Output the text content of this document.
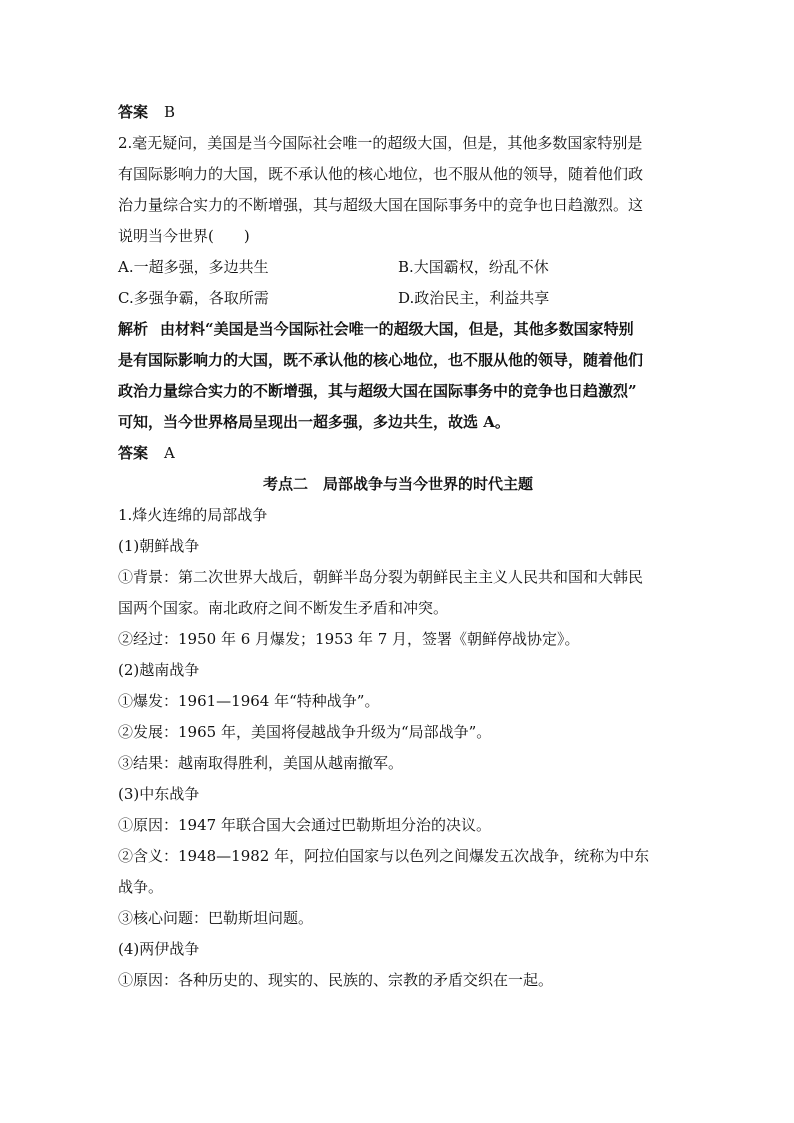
答案 B
2.毫无疑问，美国是当今国际社会唯一的超级大国，但是，其他多数国家特别是
有国际影响力的大国，既不承认他的核心地位，也不服从他的领导，随着他们政
治力量综合实力的不断增强，其与超级大国在国际事务中的竞争也日趋激烈。这
说明当今世界(　　)
A.一超多强，多边共生	B.大国霸权，纷乱不休
C.多强争霸，各取所需	D.政治民主，利益共享
解析 由材料“美国是当今国际社会唯一的超级大国，但是，其他多数国家特别
是有国际影响力的大国，既不承认他的核心地位，也不服从他的领导，随着他们
政治力量综合实力的不断增强，其与超级大国在国际事务中的竞争也日趋激烈”
可知，当今世界格局呈现出一超多强，多边共生，故选 A。
答案 A
考点二　局部战争与当今世界的时代主题
1.烽火连绵的局部战争
(1)朝鲜战争
①背景：第二次世界大战后，朝鲜半岛分裂为朝鲜民主主义人民共和国和大韩民
国两个国家。南北政府之间不断发生矛盾和冲突。
②经过：1950 年 6 月爆发；1953 年 7 月，签署《朝鲜停战协定》。
(2)越南战争
①爆发：1961—1964 年“特种战争”。
②发展：1965 年，美国将侵越战争升级为“局部战争”。
③结果：越南取得胜利，美国从越南撤军。
(3)中东战争
①原因：1947 年联合国大会通过巴勒斯坦分治的决议。
②含义：1948—1982 年，阿拉伯国家与以色列之间爆发五次战争，统称为中东
战争。
③核心问题：巴勒斯坦问题。
(4)两伊战争
①原因：各种历史的、现实的、民族的、宗教的矛盾交织在一起。
